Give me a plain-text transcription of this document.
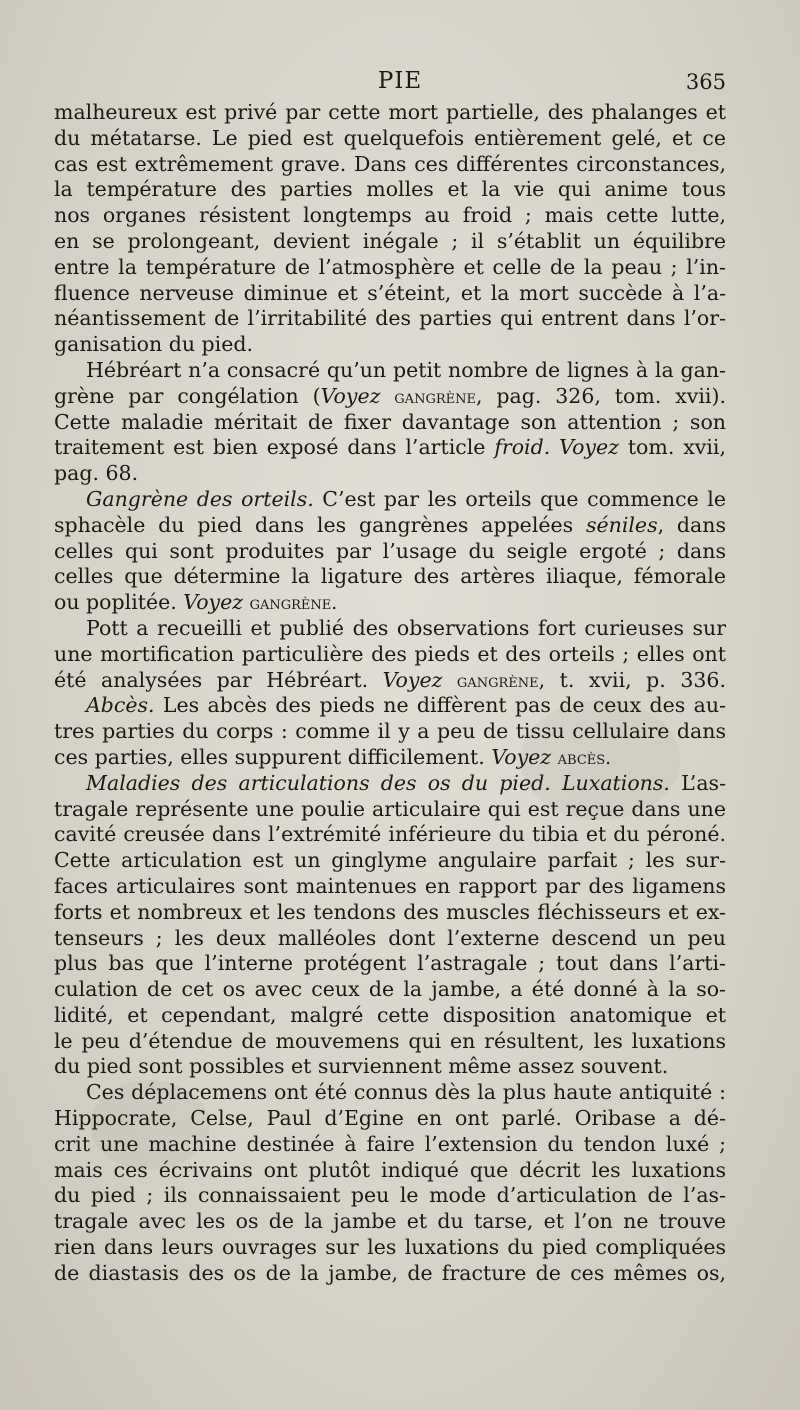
PIE	365
malheureux est privé par cette mort partielle, des phalanges et
du métatarse. Le pied est quelquefois entièrement gelé, et ce
cas est extrêmement grave. Dans ces différentes circonstances,
la température des parties molles et la vie qui anime tous
nos organes résistent longtemps au froid ; mais cette lutte,
en se prolongeant, devient inégale ; il s’établit un équilibre
entre la température de l’atmosphère et celle de la peau ; l’in-
fluence nerveuse diminue et s’éteint, et la mort succède à l’a-
néantissement de l’irritabilité des parties qui entrent dans l’or-
ganisation du pied.
Hébréart n’a consacré qu’un petit nombre de lignes à la gan-
grène par congélation (Voyez gangrène, pag. 326, tom. xvii).
Cette maladie méritait de fixer davantage son attention ; son
traitement est bien exposé dans l’article froid. Voyez tom. xvii,
pag. 68.
Gangrène des orteils. C’est par les orteils que commence le
sphacèle du pied dans les gangrènes appelées séniles, dans
celles qui sont produites par l’usage du seigle ergoté ; dans
celles que détermine la ligature des artères iliaque, fémorale
ou poplitée. Voyez gangrène.
Pott a recueilli et publié des observations fort curieuses sur
une mortification particulière des pieds et des orteils ; elles ont
été analysées par Hébréart. Voyez gangrène, t. xvii, p. 336.
Abcès. Les abcès des pieds ne diffèrent pas de ceux des au-
tres parties du corps : comme il y a peu de tissu cellulaire dans
ces parties, elles suppurent difficilement. Voyez abcès.
Maladies des articulations des os du pied. Luxations. L’as-
tragale représente une poulie articulaire qui est reçue dans une
cavité creusée dans l’extrémité inférieure du tibia et du péroné.
Cette articulation est un ginglyme angulaire parfait ; les sur-
faces articulaires sont maintenues en rapport par des ligamens
forts et nombreux et les tendons des muscles fléchisseurs et ex-
tenseurs ; les deux malléoles dont l’externe descend un peu
plus bas que l’interne protégent l’astragale ; tout dans l’arti-
culation de cet os avec ceux de la jambe, a été donné à la so-
lidité, et cependant, malgré cette disposition anatomique et
le peu d’étendue de mouvemens qui en résultent, les luxations
du pied sont possibles et surviennent même assez souvent.
Ces déplacemens ont été connus dès la plus haute antiquité :
Hippocrate, Celse, Paul d’Egine en ont parlé. Oribase a dé-
crit une machine destinée à faire l’extension du tendon luxé ;
mais ces écrivains ont plutôt indiqué que décrit les luxations
du pied ; ils connaissaient peu le mode d’articulation de l’as-
tragale avec les os de la jambe et du tarse, et l’on ne trouve
rien dans leurs ouvrages sur les luxations du pied compliquées
de diastasis des os de la jambe, de fracture de ces mêmes os,
